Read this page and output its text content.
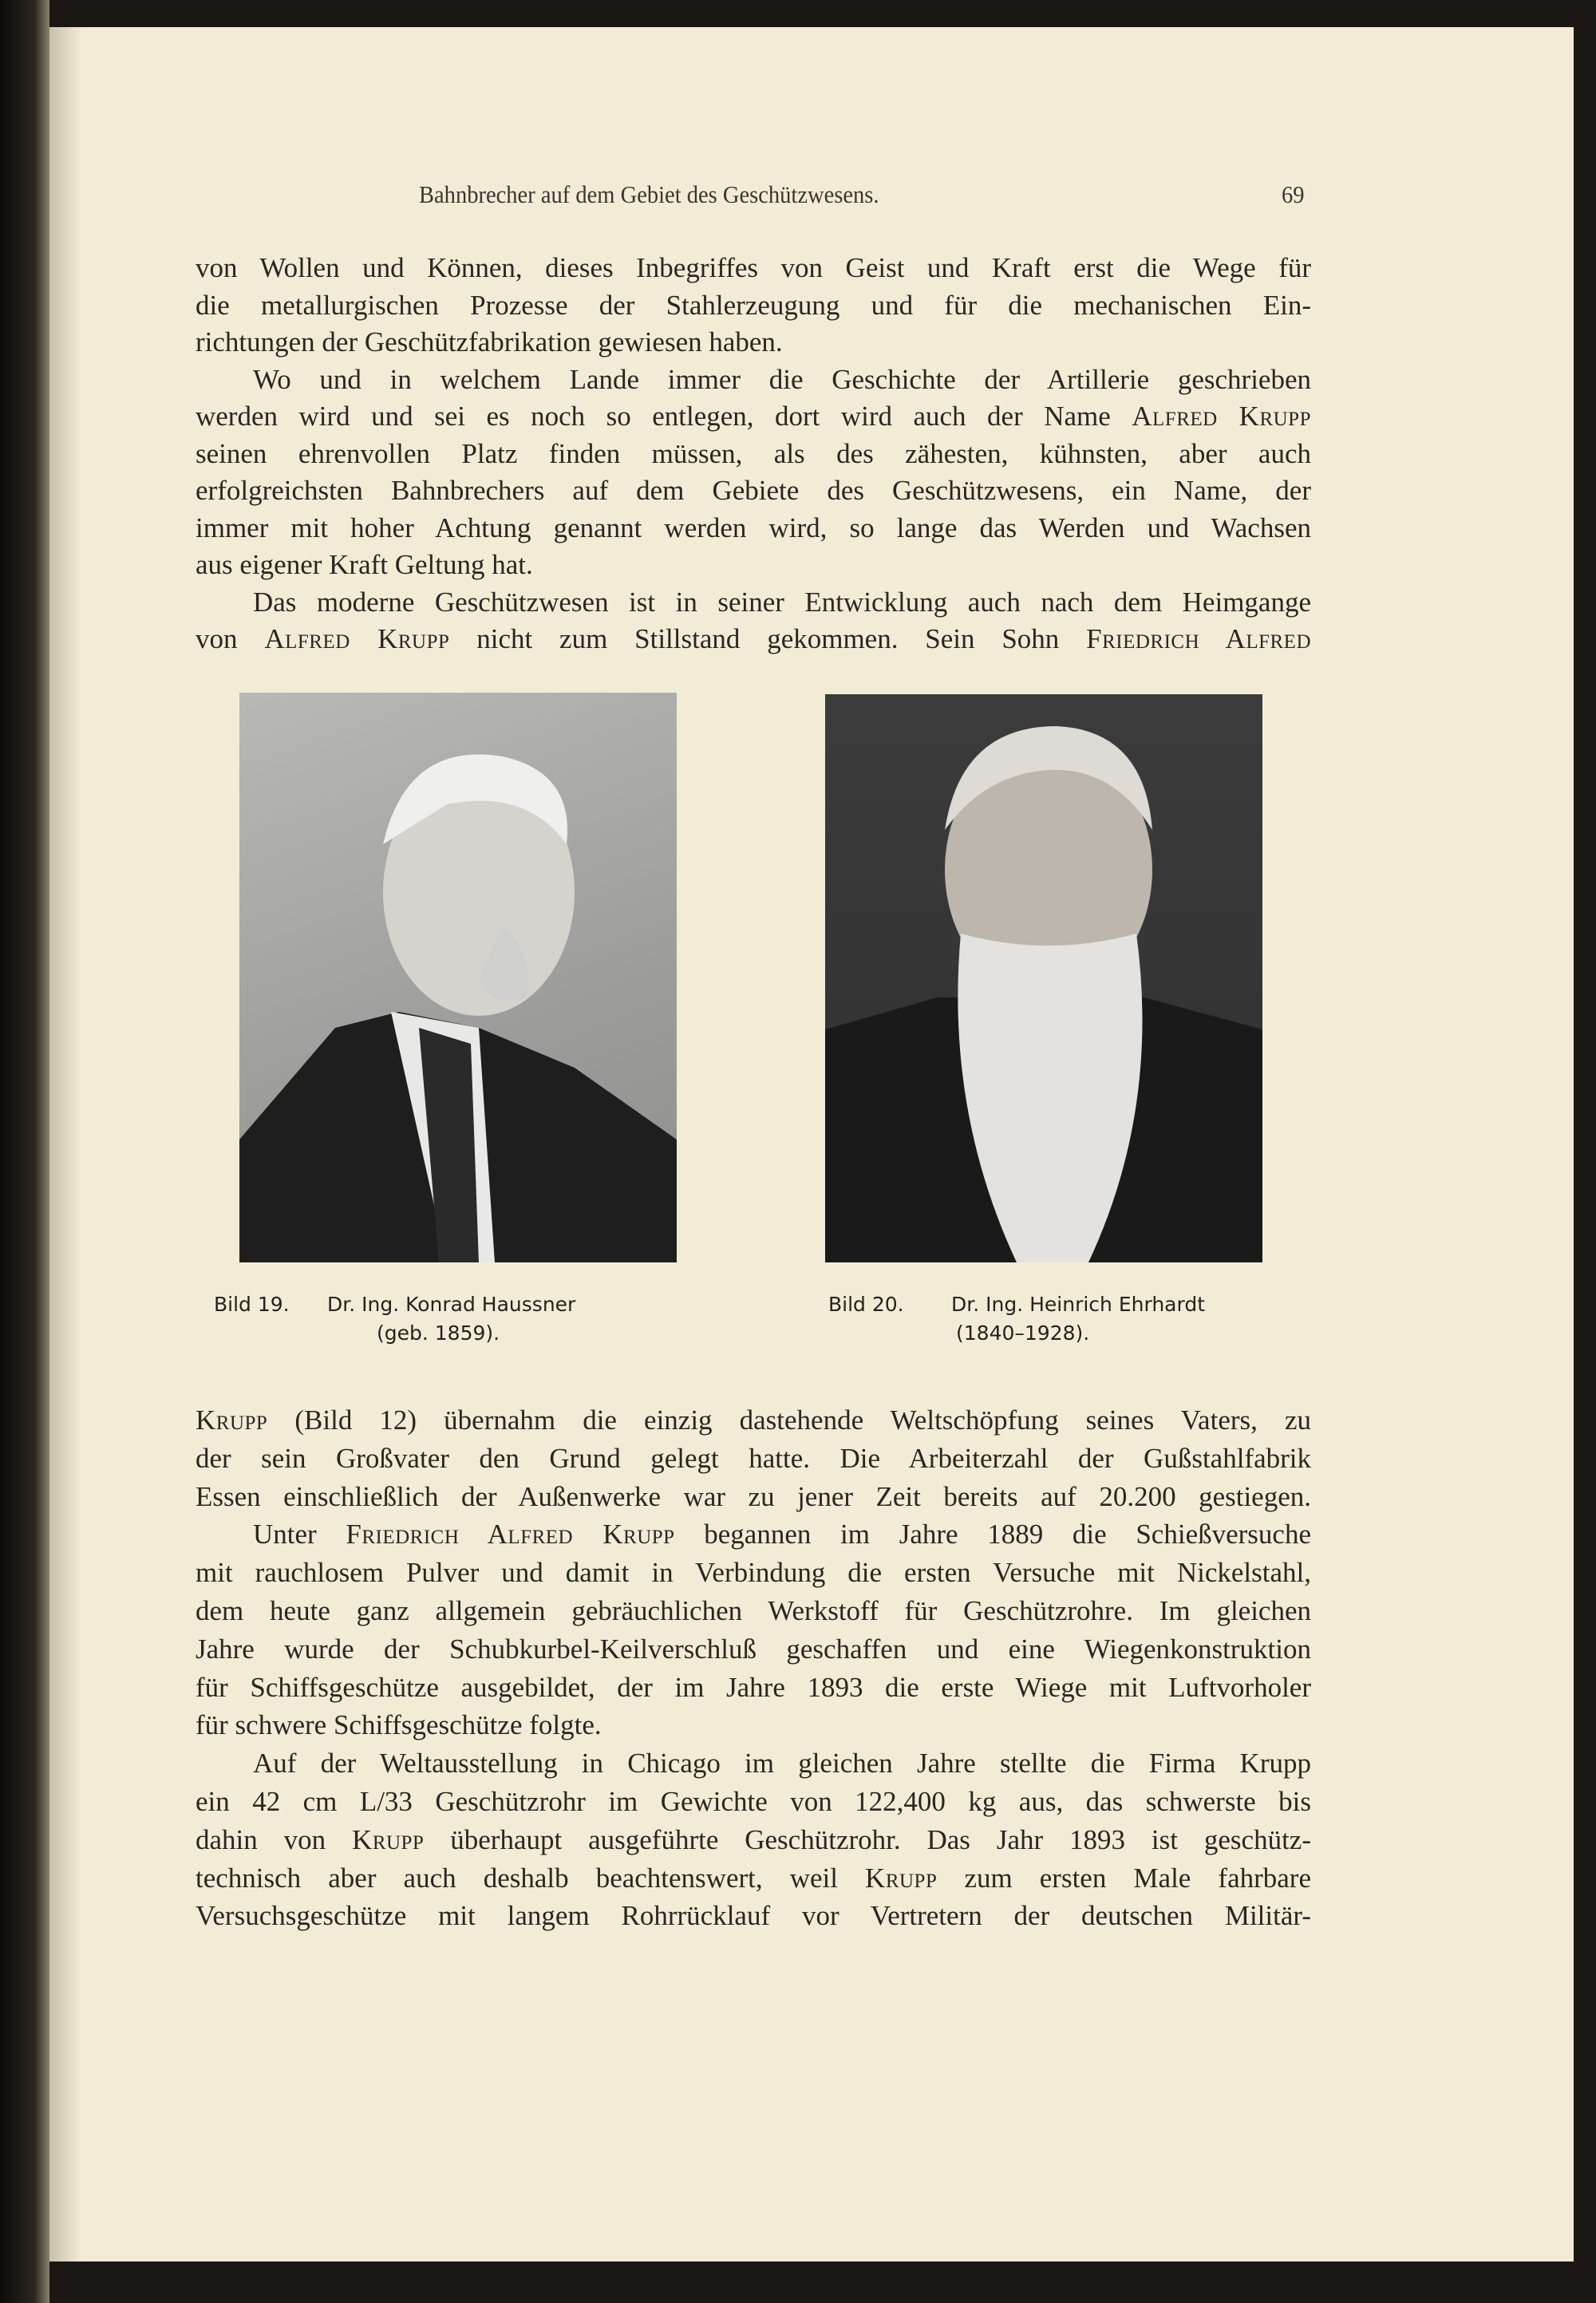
Bahnbrecher auf dem Gebiet des Geschützwesens.	69
von Wollen und Können, dieses Inbegriffes von Geist und Kraft erst die Wege für
die metallurgischen Prozesse der Stahlerzeugung und für die mechanischen Ein-
richtungen der Geschützfabrikation gewiesen haben.
Wo und in welchem Lande immer die Geschichte der Artillerie geschrieben
werden wird und sei es noch so entlegen, dort wird auch der Name Alfred Krupp
seinen ehrenvollen Platz finden müssen, als des zähesten, kühnsten, aber auch
erfolgreichsten Bahnbrechers auf dem Gebiete des Geschützwesens, ein Name, der
immer mit hoher Achtung genannt werden wird, so lange das Werden und Wachsen
aus eigener Kraft Geltung hat.
Das moderne Geschützwesen ist in seiner Entwicklung auch nach dem Heimgange
von Alfred Krupp nicht zum Stillstand gekommen. Sein Sohn Friedrich Alfred
Bild 19. Dr. Ing. Konrad Haussner
(geb. 1859).
Bild 20. Dr. Ing. Heinrich Ehrhardt
(1840–1928).
Krupp (Bild 12) übernahm die einzig dastehende Weltschöpfung seines Vaters, zu
der sein Großvater den Grund gelegt hatte. Die Arbeiterzahl der Gußstahlfabrik
Essen einschließlich der Außenwerke war zu jener Zeit bereits auf 20.200 gestiegen.
Unter Friedrich Alfred Krupp begannen im Jahre 1889 die Schießversuche
mit rauchlosem Pulver und damit in Verbindung die ersten Versuche mit Nickelstahl,
dem heute ganz allgemein gebräuchlichen Werkstoff für Geschützrohre. Im gleichen
Jahre wurde der Schubkurbel-Keilverschluß geschaffen und eine Wiegenkonstruktion
für Schiffsgeschütze ausgebildet, der im Jahre 1893 die erste Wiege mit Luftvorholer
für schwere Schiffsgeschütze folgte.
Auf der Weltausstellung in Chicago im gleichen Jahre stellte die Firma Krupp
ein 42 cm L/33 Geschützrohr im Gewichte von 122,400 kg aus, das schwerste bis
dahin von Krupp überhaupt ausgeführte Geschützrohr. Das Jahr 1893 ist geschütz-
technisch aber auch deshalb beachtenswert, weil Krupp zum ersten Male fahrbare
Versuchsgeschütze mit langem Rohrrücklauf vor Vertretern der deutschen Militär-
